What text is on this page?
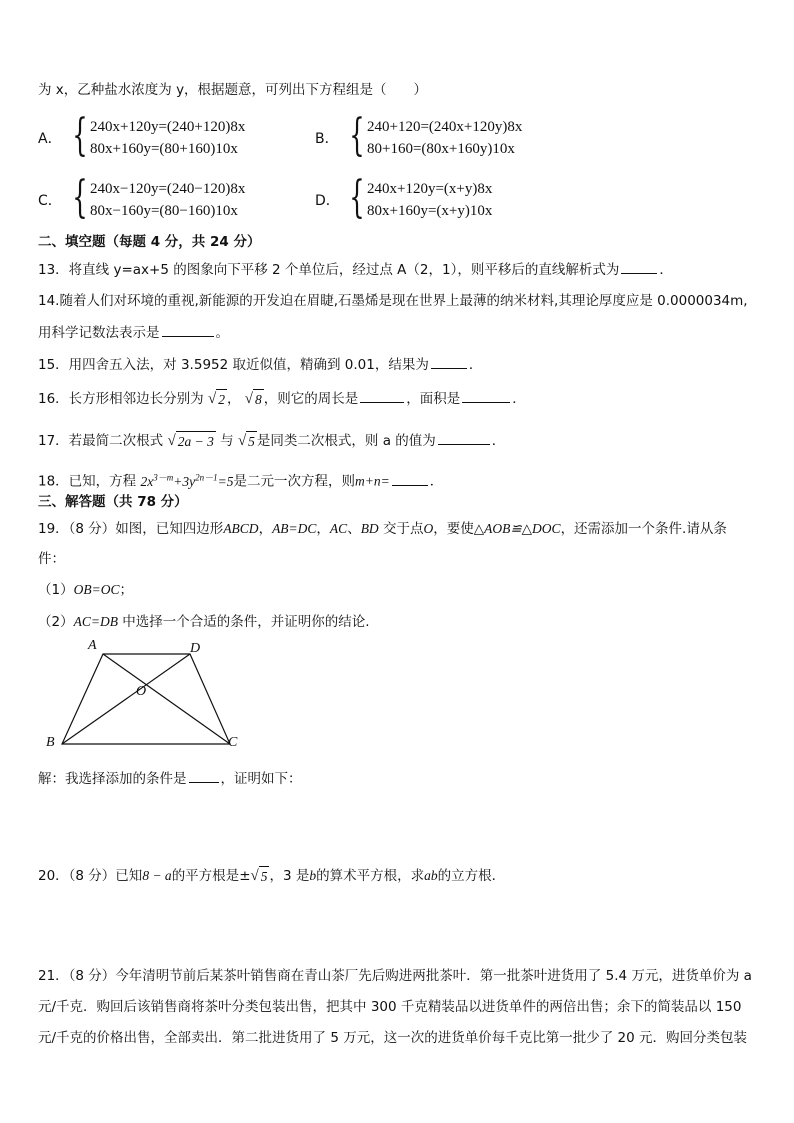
为 x，乙种盐水浓度为 y，根据题意，可列出下方程组是（　　）
A． { 240x+120y=(240+120)8x
80x+160y=(80+160)10x
B． { 240+120=(240x+120y)8x
80+160=(80x+160y)10x
C． { 240x−120y=(240−120)8x
80x−160y=(80−160)10x
D． { 240x+120y=(x+y)8x
80x+160y=(x+y)10x
二、填空题（每题 4 分，共 24 分）
13．将直线 y=ax+5 的图象向下平移 2 个单位后，经过点 A（2，1），则平移后的直线解析式为	．
14.随着人们对环境的重视,新能源的开发迫在眉睫,石墨烯是现在世界上最薄的纳米材料,其理论厚度应是 0.0000034m,
用科学记数法表示是	。
15．用四舍五入法，对 3.5952 取近似值，精确到 0.01，结果为	．
16．长方形相邻边长分别为 √ 2 ， √ 8 ，则它的周长是	，面积是	．
17．若最简二次根式 √ 2a − 3 与 √ 5 是同类二次根式，则 a 的值为	．
18．已知，方程 $2x^{3-m}+3y^{2n-1}=5$是二元一次方程，则m+n=	．
三、解答题（共 78 分）
19．（8 分）如图，已知四边形ABCD，AB=DC，AC、BD 交于点O，要使△AOB≌△DOC，还需添加一个条件.请从条
件：
（1）OB=OC；
（2）AC=DB 中选择一个合适的条件，并证明你的结论.
A	D
O
B	C
解：我选择添加的条件是	，证明如下：
20．（8 分）已知8 − a的平方根是± √ 5 ，3 是b的算术平方根，求ab的立方根．
21．（8 分）今年清明节前后某茶叶销售商在青山茶厂先后购进两批茶叶．第一批茶叶进货用了 5.4 万元，进货单价为 a
元/千克．购回后该销售商将茶叶分类包装出售，把其中 300 千克精装品以进货单件的两倍出售；余下的简装品以 150
元/千克的价格出售，全部卖出．第二批进货用了 5 万元，这一次的进货单价每千克比第一批少了 20 元．购回分类包装
